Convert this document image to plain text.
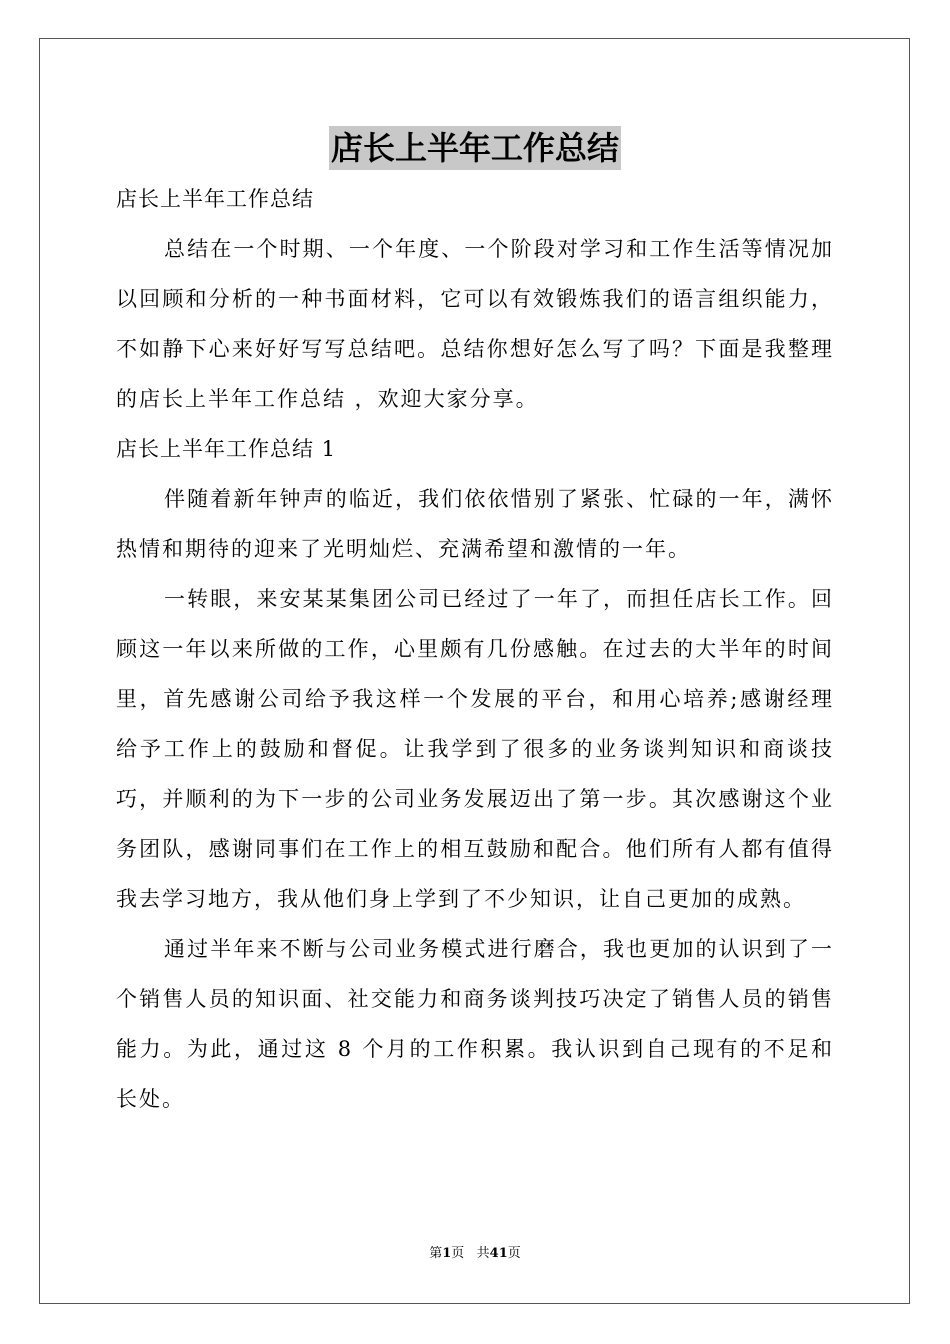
店长上半年工作总结

店长上半年工作总结

总结在一个时期、一个年度、一个阶段对学习和工作生活等情况加以回顾和分析的一种书面材料，它可以有效锻炼我们的语言组织能力，不如静下心来好好写写总结吧。总结你想好怎么写了吗？下面是我整理的店长上半年工作总结 ，欢迎大家分享。

店长上半年工作总结 1

伴随着新年钟声的临近，我们依依惜别了紧张、忙碌的一年，满怀热情和期待的迎来了光明灿烂、充满希望和激情的一年。

一转眼，来安某某集团公司已经过了一年了，而担任店长工作。回顾这一年以来所做的工作，心里颇有几份感触。在过去的大半年的时间里，首先感谢公司给予我这样一个发展的平台，和用心培养;感谢经理给予工作上的鼓励和督促。让我学到了很多的业务谈判知识和商谈技巧，并顺利的为下一步的公司业务发展迈出了第一步。其次感谢这个业务团队，感谢同事们在工作上的相互鼓励和配合。他们所有人都有值得我去学习地方，我从他们身上学到了不少知识，让自己更加的成熟。

通过半年来不断与公司业务模式进行磨合，我也更加的认识到了一个销售人员的知识面、社交能力和商务谈判技巧决定了销售人员的销售能力。为此，通过这 8 个月的工作积累。我认识到自己现有的不足和长处。

第1页   共41页
